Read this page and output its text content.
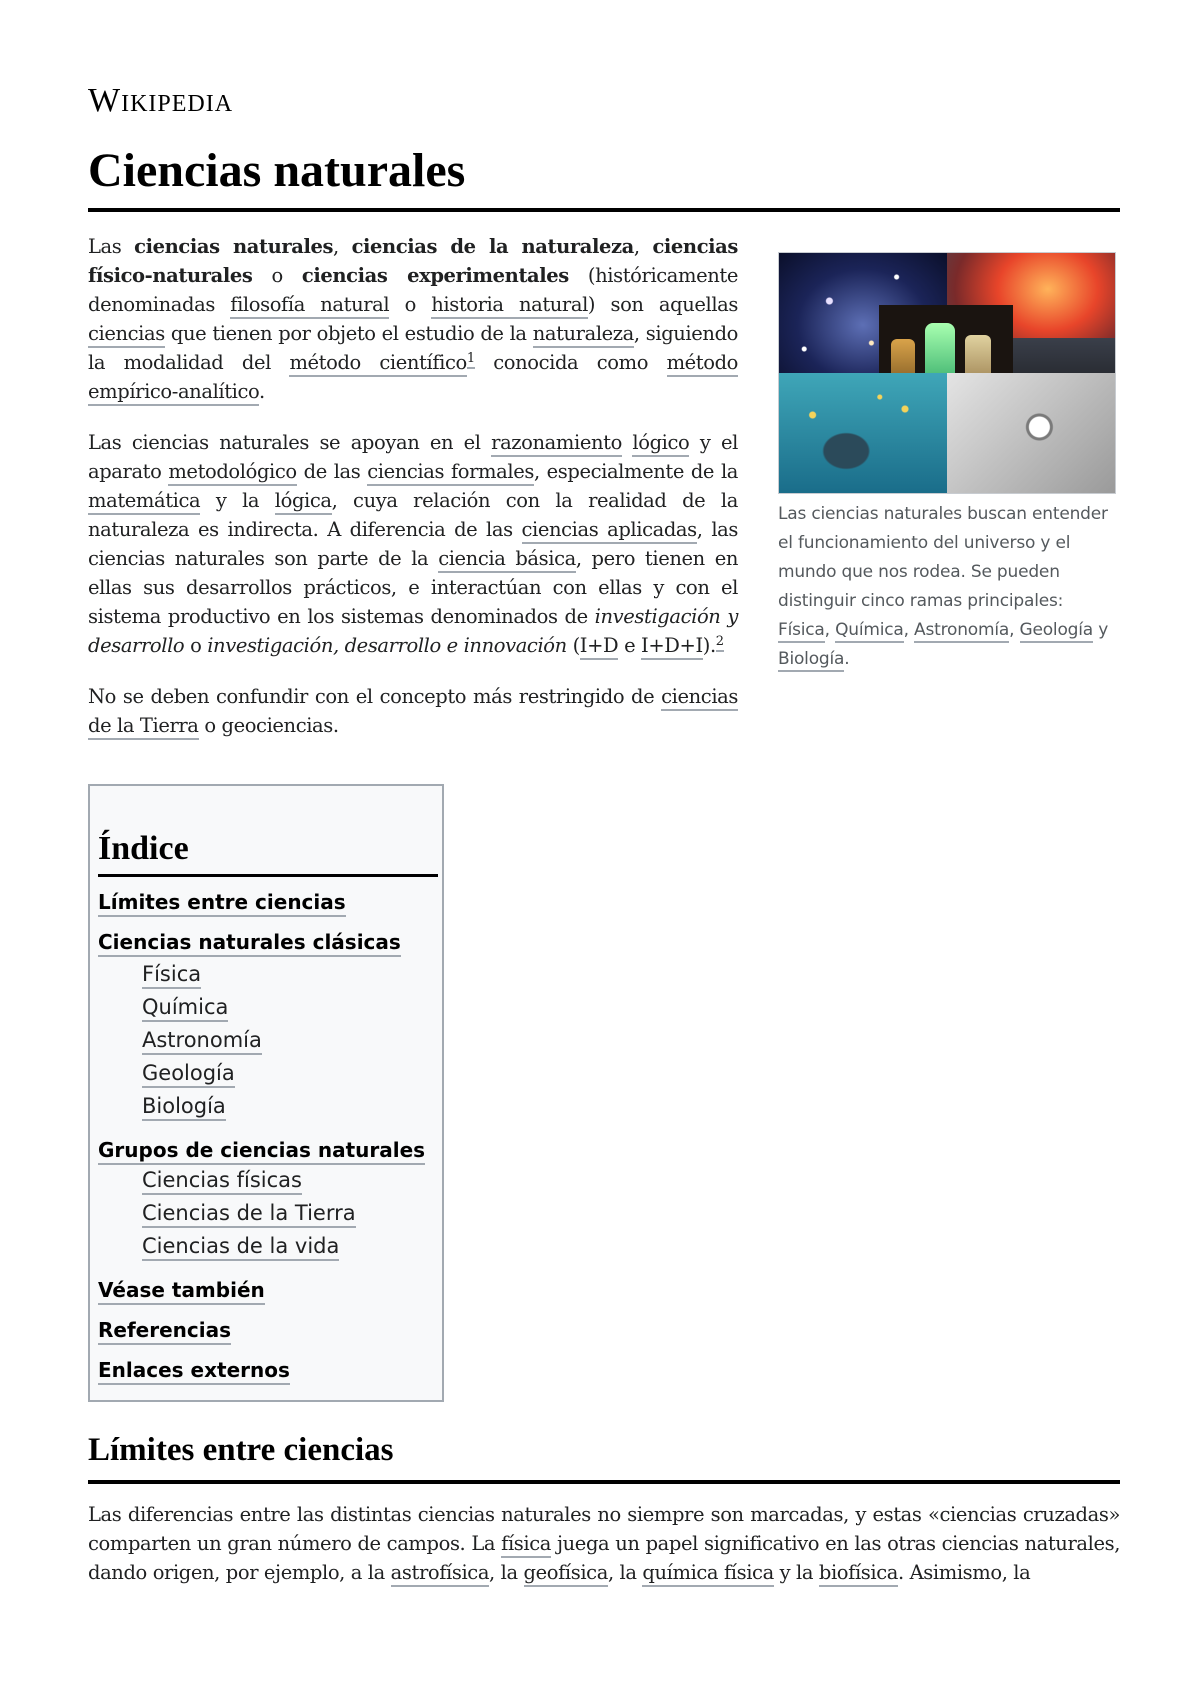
Wikipedia
Ciencias naturales

Las ciencias naturales, ciencias de la naturaleza, ciencias físico-naturales o ciencias experimentales (históricamente denominadas filosofía natural o historia natural) son aquellas ciencias que tienen por objeto el estudio de la naturaleza, siguiendo la modalidad del método científico$^1$ conocida como método empírico-analítico.

Las ciencias naturales se apoyan en el razonamiento lógico y el aparato metodológico de las ciencias formales, especialmente de la matemática y la lógica, cuya relación con la realidad de la naturaleza es indirecta. A diferencia de las ciencias aplicadas, las ciencias naturales son parte de la ciencia básica, pero tienen en ellas sus desarrollos prácticos, e interactúan con ellas y con el sistema productivo en los sistemas denominados de investigación y desarrollo o investigación, desarrollo e innovación (I+D e I+D+I).$^2$

No se deben confundir con el concepto más restringido de ciencias de la Tierra o geociencias.

Las ciencias naturales buscan entender el funcionamiento del universo y el mundo que nos rodea. Se pueden distinguir cinco ramas principales: Física, Química, Astronomía, Geología y Biología.
Índice
Límites entre ciencias
Ciencias naturales clásicas
Física
Química
Astronomía
Geología
Biología
Grupos de ciencias naturales
Ciencias físicas
Ciencias de la Tierra
Ciencias de la vida
Véase también
Referencias
Enlaces externos
Límites entre ciencias

Las diferencias entre las distintas ciencias naturales no siempre son marcadas, y estas «ciencias cruzadas» comparten un gran número de campos. La física juega un papel significativo en las otras ciencias naturales, dando origen, por ejemplo, a la astrofísica, la geofísica, la química física y la biofísica. Asimismo, la
